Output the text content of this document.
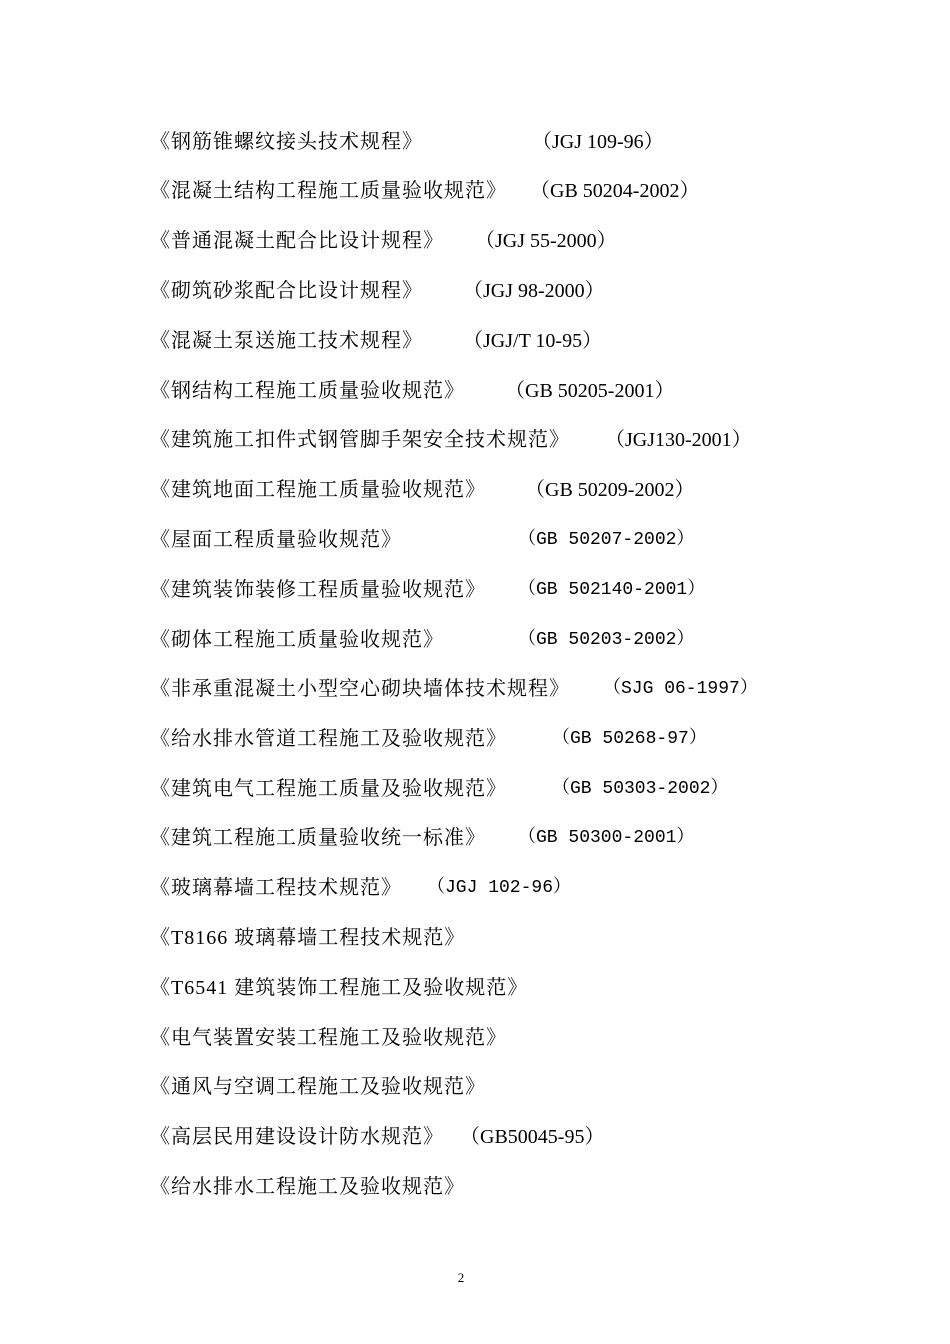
《钢筋锥螺纹接头技术规程》	（JGJ 109-96）
《混凝土结构工程施工质量验收规范》 （GB 50204-2002）
《普通混凝土配合比设计规程》 （JGJ 55-2000）
《砌筑砂浆配合比设计规程》 （JGJ 98-2000）
《混凝土泵送施工技术规程》 （JGJ/T 10-95）
《钢结构工程施工质量验收规范》 （GB 50205-2001）
《建筑施工扣件式钢管脚手架安全技术规范》 （JGJ130-2001）
《建筑地面工程施工质量验收规范》 （GB 50209-2002）
《屋面工程质量验收规范》	（GB 50207-2002）
《建筑装饰装修工程质量验收规范》 （GB 502140-2001）
《砌体工程施工质量验收规范》	（GB 50203-2002）
《非承重混凝土小型空心砌块墙体技术规程》 （SJG 06-1997）
《给水排水管道工程施工及验收规范》	（GB 50268-97）
《建筑电气工程施工质量及验收规范》	（GB 50303-2002）
《建筑工程施工质量验收统一标准》 （GB 50300-2001）
《玻璃幕墙工程技术规范》 （JGJ 102-96）
《T8166 玻璃幕墙工程技术规范》
《T6541 建筑装饰工程施工及验收规范》
《电气装置安装工程施工及验收规范》
《通风与空调工程施工及验收规范》
《高层民用建设设计防水规范》 （GB50045-95）
《给水排水工程施工及验收规范》
2
